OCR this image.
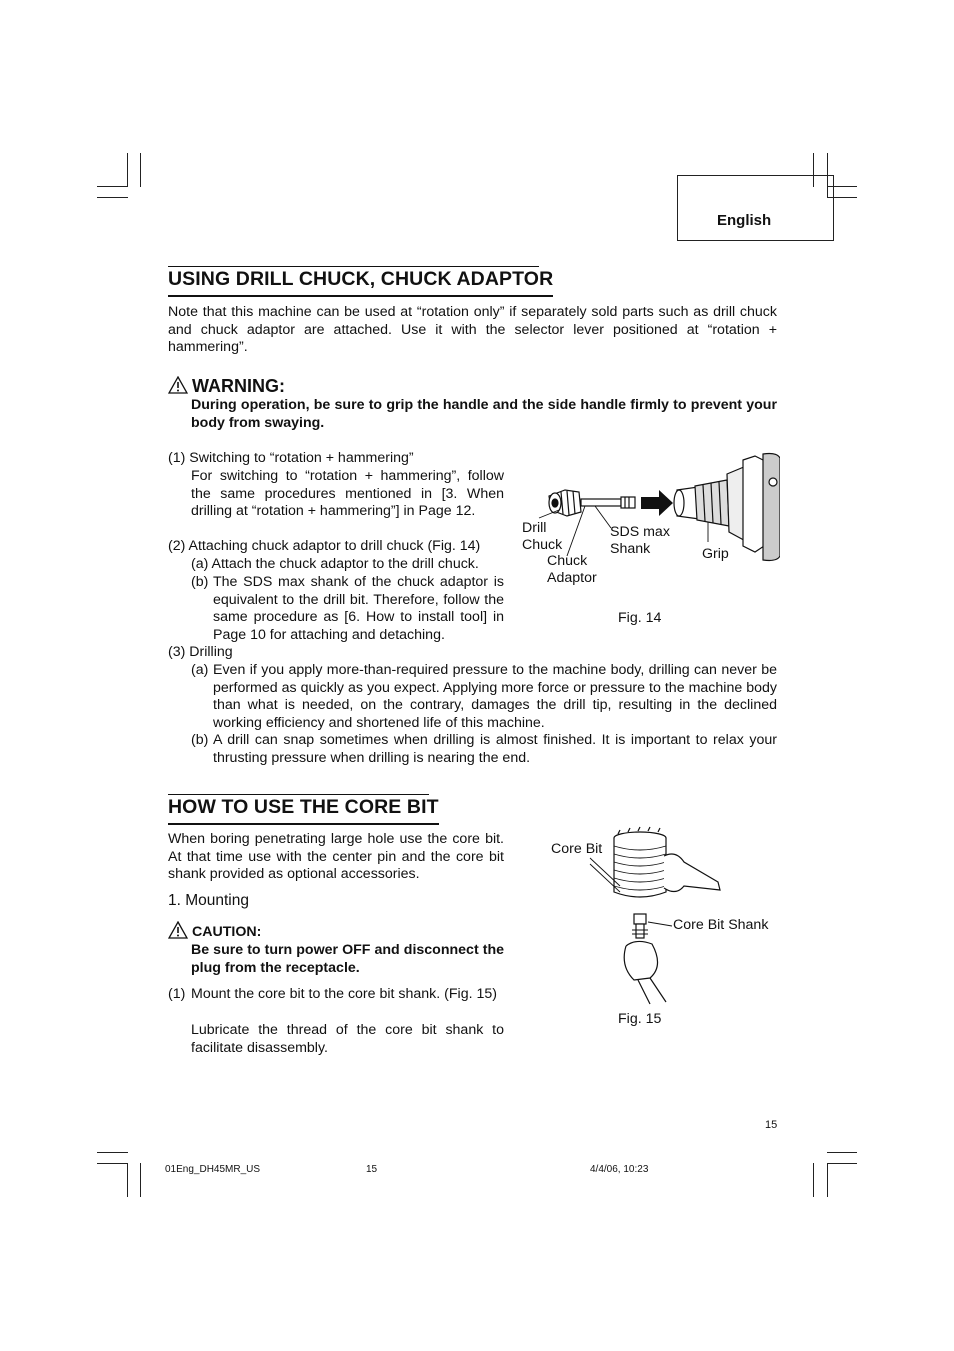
English
USING DRILL CHUCK, CHUCK ADAPTOR

Note that this machine can be used at “rotation only” if separately sold parts such as drill chuck and chuck adaptor are attached. Use it with the selector lever positioned at “rotation + hammering”.

WARNING:

During operation, be sure to grip the handle and the side handle firmly to prevent your body from swaying.

(1) Switching to “rotation + hammering”

For switching to “rotation + hammering”, follow the same procedures mentioned in [3. When drilling at “rotation + hammering”] in Page 12.

(2) Attaching chuck adaptor to drill chuck (Fig. 14)
(a) Attach the chuck adaptor to the drill chuck.
(b) The SDS max shank of the chuck adaptor is equivalent to the drill bit. Therefore, follow the same procedure as [6. How to install tool] in Page 10 for attaching and detaching.

(3) Drilling
(a) Even if you apply more-than-required pressure to the machine body, drilling can never be performed as quickly as you expect. Applying more force or pressure to the machine body than what is needed, on the contrary, damages the drill tip, resulting in the declined working efficiency and shortened life of this machine.

(b) A drill can snap sometimes when drilling is almost finished. It is important to relax your thrusting pressure when drilling is nearing the end.

Drill
Chuck
SDS max
Shank
Chuck
Adaptor
Grip
Fig. 14
HOW TO USE THE CORE BIT

When boring penetrating large hole use the core bit. At that time use with the center pin and the core bit shank provided as optional accessories.

1. Mounting
CAUTION:

Be sure to turn power OFF and disconnect the plug from the receptacle.

(1) Mount the core bit to the core bit shank. (Fig. 15)

Lubricate the thread of the core bit shank to facilitate disassembly.

Core Bit
Core Bit Shank
Fig. 15
15
01Eng_DH45MR_US	15	4/4/06, 10:23
